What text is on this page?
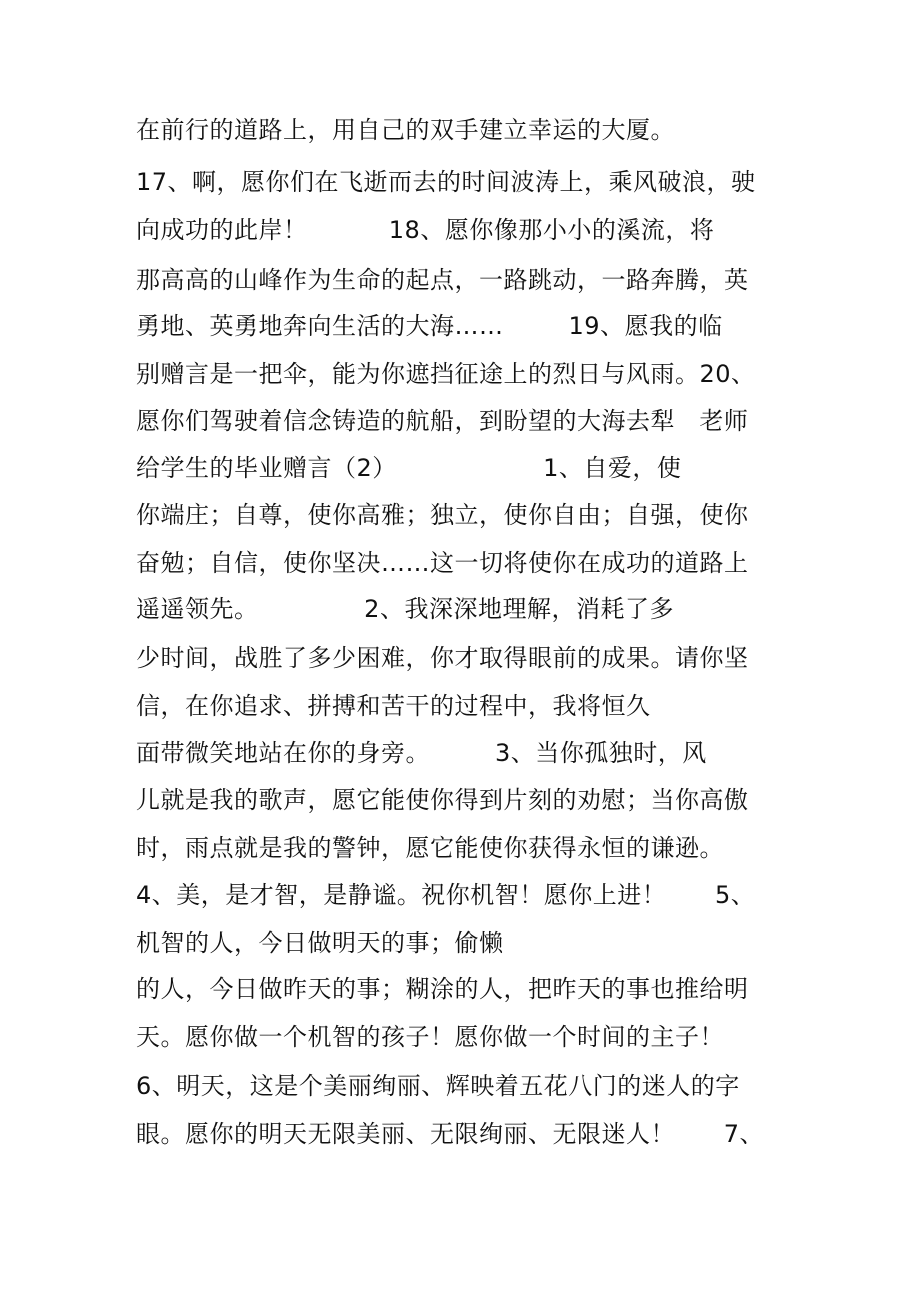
在前行的道路上，用自己的双手建立幸运的大厦。
17、啊，愿你们在飞逝而去的时间波涛上，乘风破浪，驶
向成功的此岸！          18、愿你像那小小的溪流，将
那高高的山峰作为生命的起点，一路跳动，一路奔腾，英
勇地、英勇地奔向生活的大海……        19、愿我的临
别赠言是一把伞，能为你遮挡征途上的烈日与风雨。20、
愿你们驾驶着信念铸造的航船，到盼望的大海去犁   老师
给学生的毕业赠言（2）                  1、自爱，使
你端庄；自尊，使你高雅；独立，使你自由；自强，使你
奋勉；自信，使你坚决……这一切将使你在成功的道路上
遥遥领先。             2、我深深地理解，消耗了多
少时间，战胜了多少困难，你才取得眼前的成果。请你坚
信，在你追求、拼搏和苦干的过程中，我将恒久
面带微笑地站在你的身旁。        3、当你孤独时，风
儿就是我的歌声，愿它能使你得到片刻的劝慰；当你高傲
时，雨点就是我的警钟，愿它能使你获得永恒的谦逊。
4、美，是才智，是静谧。祝你机智！愿你上进！      5、
机智的人，今日做明天的事；偷懒
的人，今日做昨天的事；糊涂的人，把昨天的事也推给明
天。愿你做一个机智的孩子！愿你做一个时间的主子！
6、明天，这是个美丽绚丽、辉映着五花八门的迷人的字
眼。愿你的明天无限美丽、无限绚丽、无限迷人！      7、
